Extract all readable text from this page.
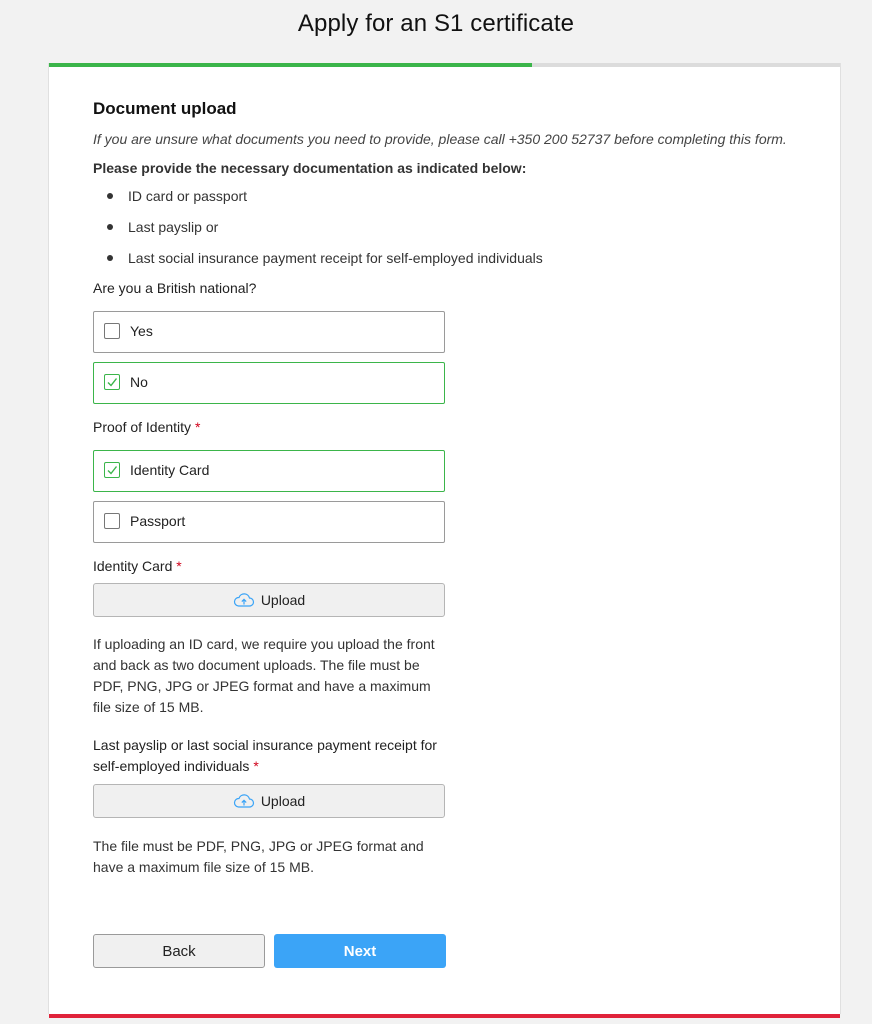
Apply for an S1 certificate
Document upload
If you are unsure what documents you need to provide, please call +350 200 52737 before completing this form.
Please provide the necessary documentation as indicated below:
ID card or passport
Last payslip or
Last social insurance payment receipt for self-employed individuals
Are you a British national?
Yes
No
Proof of Identity *
Identity Card
Passport
Identity Card *
Upload

If uploading an ID card, we require you upload the front and back as two document uploads. The file must be PDF, PNG, JPG or JPEG format and have a maximum file size of 15 MB.

Last payslip or last social insurance payment receipt for self-employed individuals *
Upload

The file must be PDF, PNG, JPG or JPEG format and have a maximum file size of 15 MB.

Back	Next
